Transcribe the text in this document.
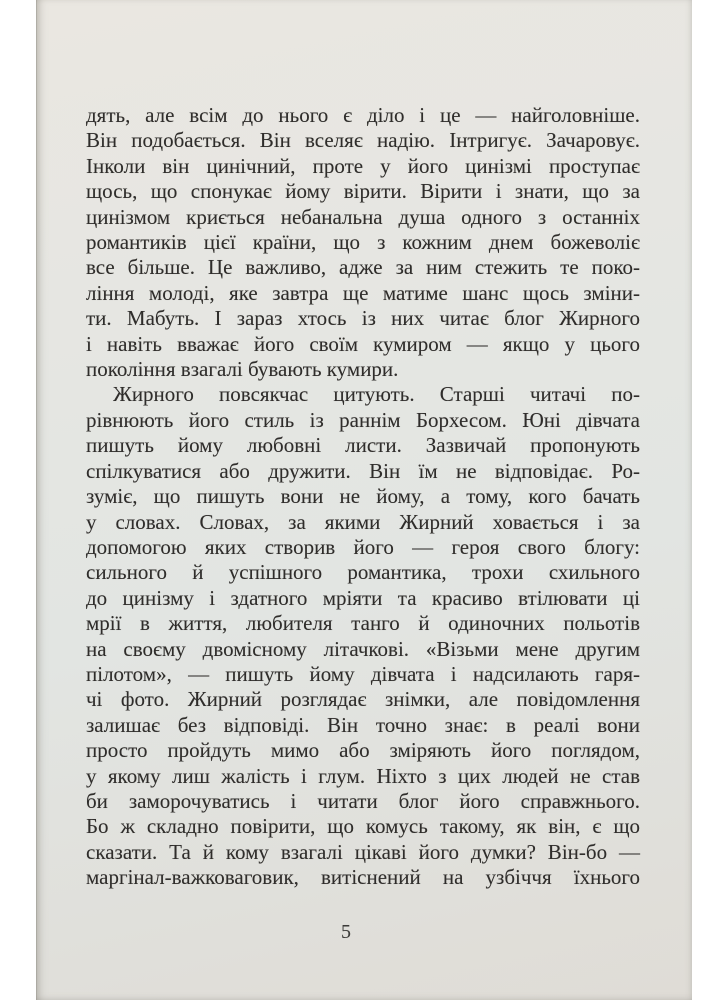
дять, але всім до нього є діло і це — найголовніше.
Він подобається. Він вселяє надію. Інтригує. Зачаровує.
Інколи він цинічний, проте у його цинізмі проступає
щось, що спонукає йому вірити. Вірити і знати, що за
цинізмом криється небанальна душа одного з останніх
романтиків цієї країни, що з кожним днем божеволіє
все більше. Це важливо, адже за ним стежить те поко-
ління молоді, яке завтра ще матиме шанс щось зміни-
ти. Мабуть. І зараз хтось із них читає блог Жирного
і навіть вважає його своїм кумиром — якщо у цього
покоління взагалі бувають кумири.
Жирного повсякчас цитують. Старші читачі по-
рівнюють його стиль із раннім Борхесом. Юні дівчата
пишуть йому любовні листи. Зазвичай пропонують
спілкуватися або дружити. Він їм не відповідає. Ро-
зуміє, що пишуть вони не йому, а тому, кого бачать
у словах. Словах, за якими Жирний ховається і за
допомогою яких створив його — героя свого блогу:
сильного й успішного романтика, трохи схильного
до цинізму і здатного мріяти та красиво втілювати ці
мрії в життя, любителя танго й одиночних польотів
на своєму двомісному літачкові. «Візьми мене другим
пілотом», — пишуть йому дівчата і надсилають гаря-
чі фото. Жирний розглядає знімки, але повідомлення
залишає без відповіді. Він точно знає: в реалі вони
просто пройдуть мимо або зміряють його поглядом,
у якому лиш жалість і глум. Ніхто з цих людей не став
би заморочуватись і читати блог його справжнього.
Бо ж складно повірити, що комусь такому, як він, є що
сказати. Та й кому взагалі цікаві його думки? Він-бо —
маргінал-важковаговик, витіснений на узбіччя їхнього
5
